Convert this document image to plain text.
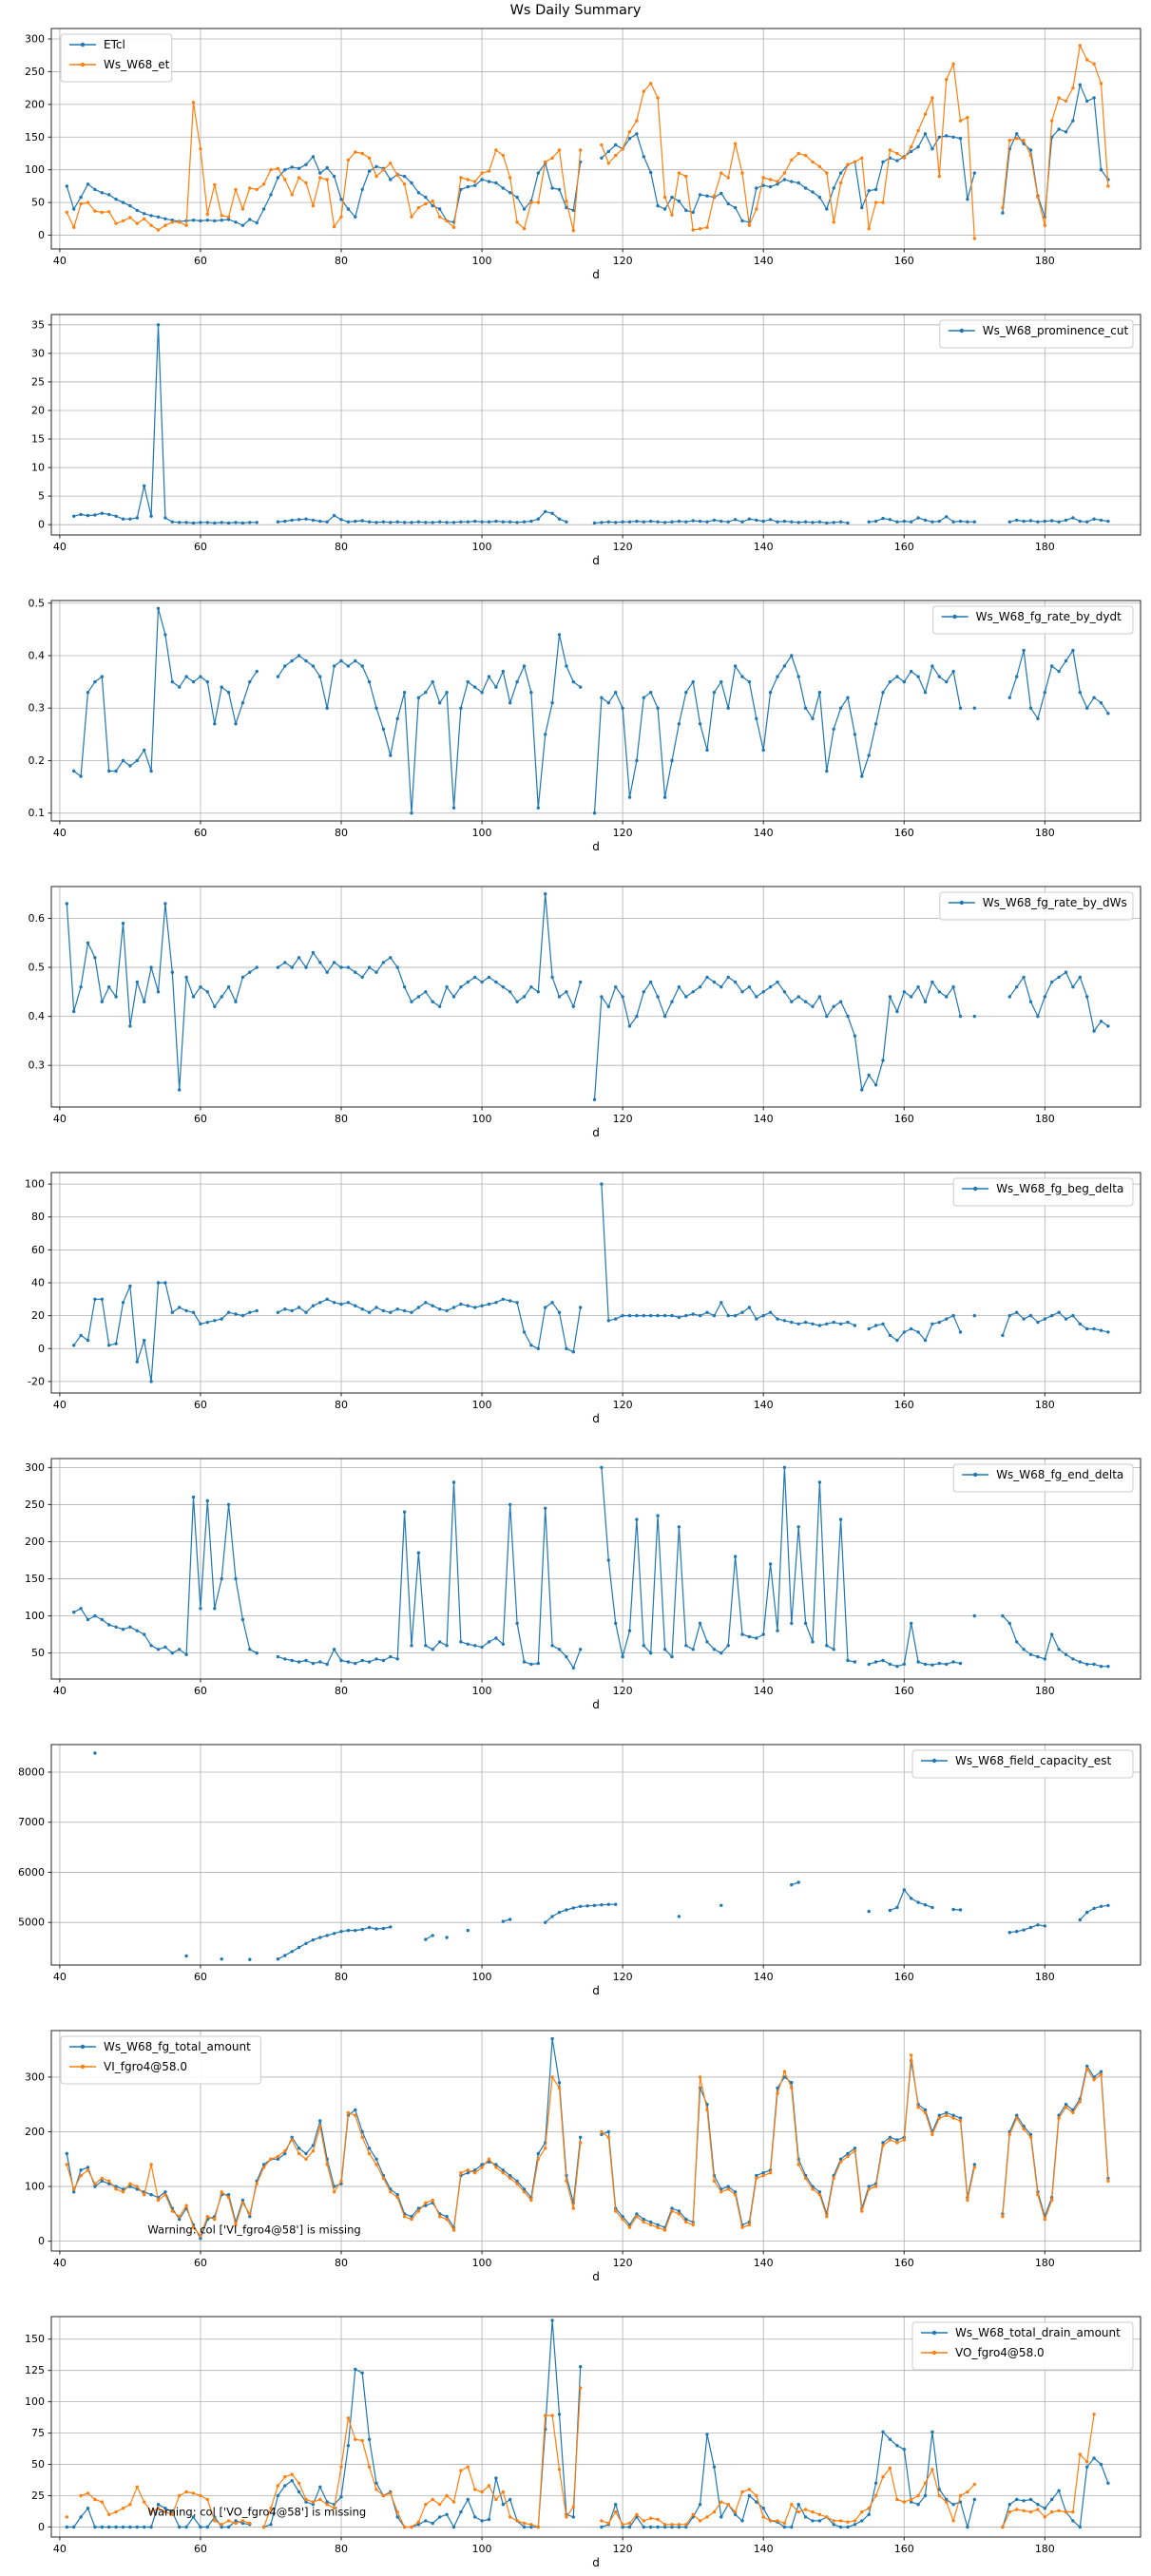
Ws Daily Summary
40	60	80	100	120	140	160	180
0
50
100
150
200
250
300
d
ETcl
Ws_W68_et
40	60	80	100	120	140	160	180
0
5
10
15
20
25
30
35
d
Ws_W68_prominence_cut
40	60	80	100	120	140	160	180
0.1
0.2
0.3
0.4
0.5
d
Ws_W68_fg_rate_by_dydt
40	60	80	100	120	140	160	180
0.3
0.4
0.5
0.6
d
Ws_W68_fg_rate_by_dWs
40	60	80	100	120	140	160	180
-20
0
20
40
60
80
100
d
Ws_W68_fg_beg_delta
40	60	80	100	120	140	160	180
50
100
150
200
250
300
d
Ws_W68_fg_end_delta
40	60	80	100	120	140	160	180
5000
6000
7000
8000
d
Ws_W68_field_capacity_est
40	60	80	100	120	140	160	180
0
100
200
300
d
Warning: col ['VI_fgro4@58'] is missing
Ws_W68_fg_total_amount
VI_fgro4@58.0
40	60	80	100	120	140	160	180
0
25
50
75
100
125
150
d
Warning: col ['VO_fgro4@58'] is missing
Ws_W68_total_drain_amount
VO_fgro4@58.0
